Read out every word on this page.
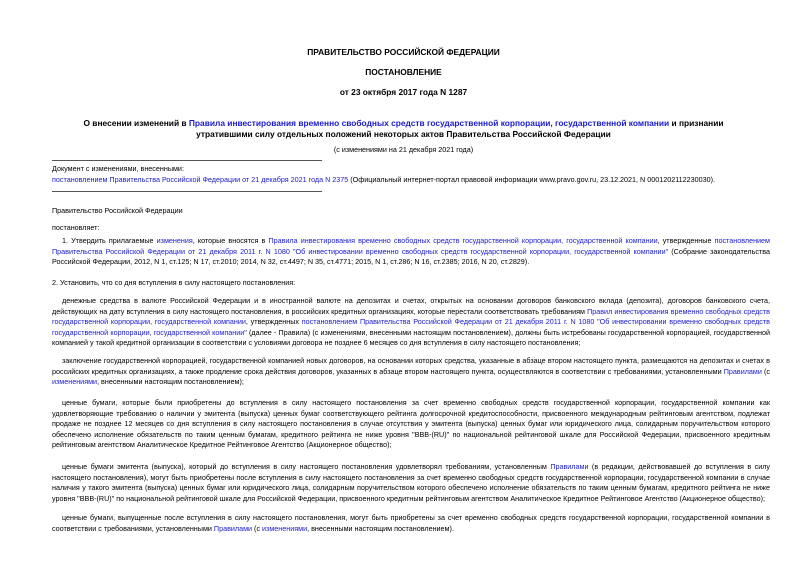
ПРАВИТЕЛЬСТВО РОССИЙСКОЙ ФЕДЕРАЦИИ
ПОСТАНОВЛЕНИЕ
от 23 октября 2017 года N 1287
О внесении изменений в Правила инвестирования временно свободных средств государственной корпорации, государственной компании и признании
утратившими силу отдельных положений некоторых актов Правительства Российской Федерации
(с изменениями на 21 декабря 2021 года)
Документ с изменениями, внесенными:
постановлением Правительства Российской Федерации от 21 декабря 2021 года N 2375 (Официальный интернет-портал правовой информации www.pravo.gov.ru, 23.12.2021, N 0001202112230030).
Правительство Российской Федерации
постановляет:
1. Утвердить прилагаемые изменения, которые вносятся в Правила инвестирования временно свободных средств государственной корпорации, государственной компании, утвержденные постановлением Правительства Российской Федерации от 21 декабря 2011 г. N 1080 "Об инвестировании временно свободных средств государственной корпорации, государственной компании" (Собрание законодательства Российской Федерации, 2012, N 1, ст.125; N 17, ст.2010; 2014, N 32, ст.4497; N 35, ст.4771; 2015, N 1, ст.286; N 16, ст.2385; 2016, N 20, ст.2829).
2. Установить, что со дня вступления в силу настоящего постановления:
денежные средства в валюте Российской Федерации и в иностранной валюте на депозитах и счетах, открытых на основании договоров банковского вклада (депозита), договоров банковского счета, действующих на дату вступления в силу настоящего постановления, в российских кредитных организациях, которые перестали соответствовать требованиям Правил инвестирования временно свободных средств государственной корпорации, государственной компании, утвержденных постановлением Правительства Российской Федерации от 21 декабря 2011 г. N 1080 "Об инвестировании временно свободных средств государственной корпорации, государственной компании" (далее - Правила) (с изменениями, внесенными настоящим постановлением), должны быть истребованы государственной корпорацией, государственной компанией у такой кредитной организации в соответствии с условиями договора не позднее 6 месяцев со дня вступления в силу настоящего постановления;
заключение государственной корпорацией, государственной компанией новых договоров, на основании которых средства, указанные в абзаце втором настоящего пункта, размещаются на депозитах и счетах в российских кредитных организациях, а также продление срока действия договоров, указанных в абзаце втором настоящего пункта, осуществляются в соответствии с требованиями, установленными Правилами (с изменениями, внесенными настоящим постановлением);
ценные бумаги, которые были приобретены до вступления в силу настоящего постановления за счет временно свободных средств государственной корпорации, государственной компании как удовлетворяющие требованию о наличии у эмитента (выпуска) ценных бумаг соответствующего рейтинга долгосрочной кредитоспособности, присвоенного международным рейтинговым агентством, подлежат продаже не позднее 12 месяцев со дня вступления в силу настоящего постановления в случае отсутствия у эмитента (выпуска) ценных бумаг или юридического лица, солидарным поручительством которого обеспечено исполнение обязательств по таким ценным бумагам, кредитного рейтинга не ниже уровня "BBB-(RU)" по национальной рейтинговой шкале для Российской Федерации, присвоенного кредитным рейтинговым агентством Аналитическое Кредитное Рейтинговое Агентство (Акционерное общество);
ценные бумаги эмитента (выпуска), который до вступления в силу настоящего постановления удовлетворял требованиям, установленным Правилами (в редакции, действовавшей до вступления в силу настоящего постановления), могут быть приобретены после вступления в силу настоящего постановления за счет временно свободных средств государственной корпорации, государственной компании в случае наличия у такого эмитента (выпуска) ценных бумаг или юридического лица, солидарным поручительством которого обеспечено исполнение обязательств по таким ценным бумагам, кредитного рейтинга не ниже уровня "BBB-(RU)" по национальной рейтинговой шкале для Российской Федерации, присвоенного кредитным рейтинговым агентством Аналитическое Кредитное Рейтинговое Агентство (Акционерное общество);
ценные бумаги, выпущенные после вступления в силу настоящего постановления, могут быть приобретены за счет временно свободных средств государственной корпорации, государственной компании в соответствии с требованиями, установленными Правилами (с изменениями, внесенными настоящим постановлением).
